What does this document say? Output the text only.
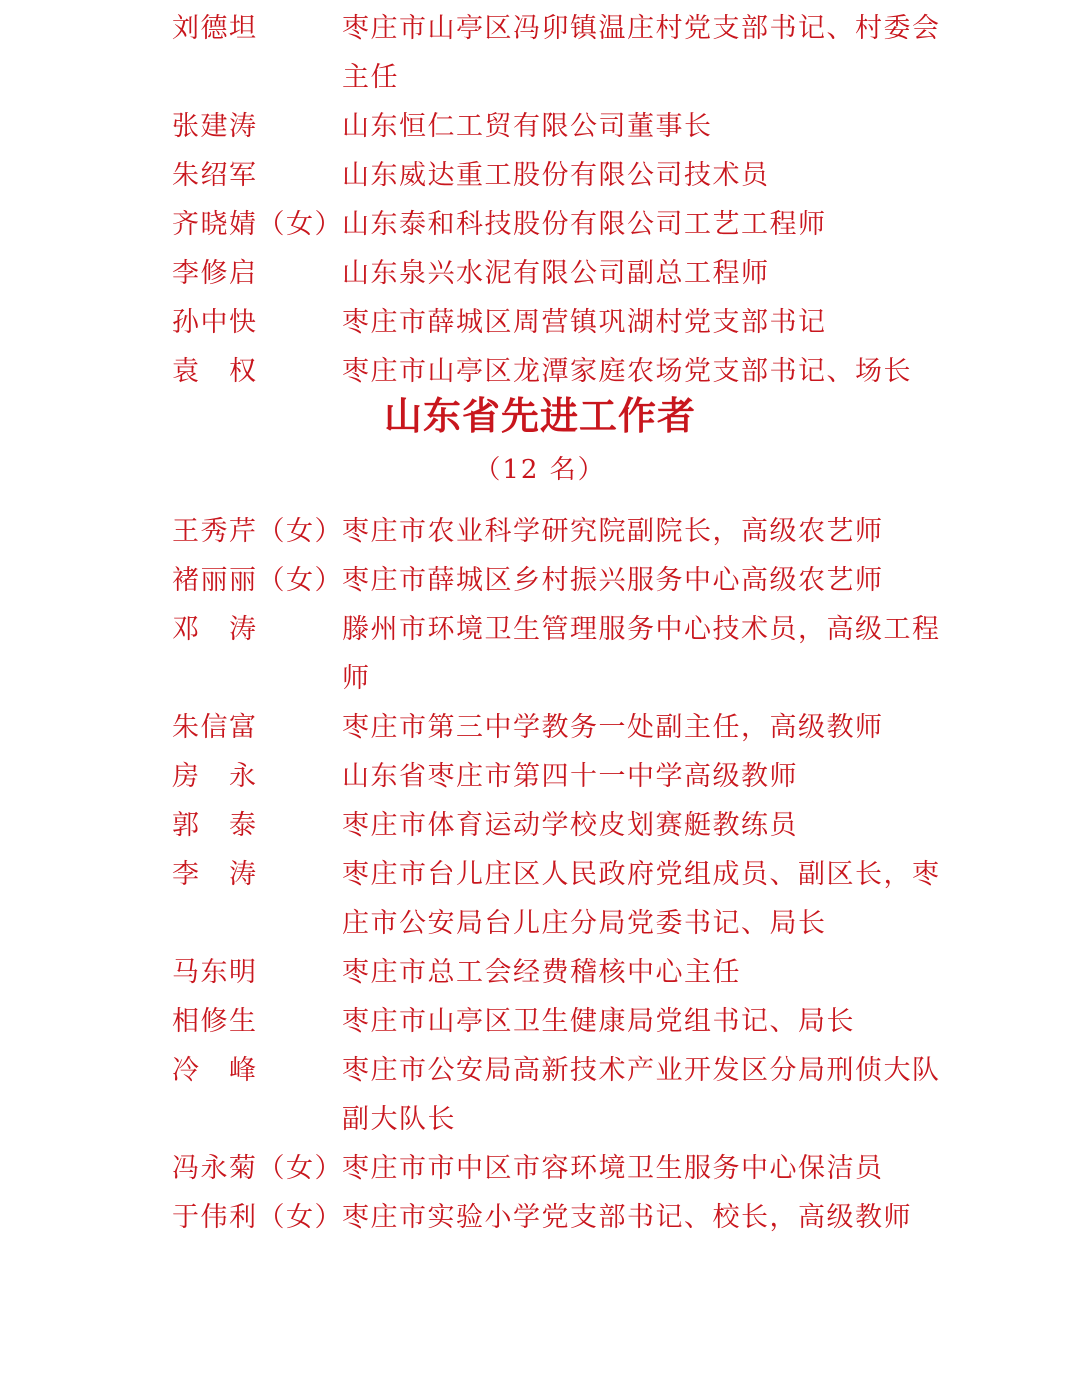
刘德坦	枣庄市山亭区冯卯镇温庄村党支部书记、村委会主任
张建涛	山东恒仁工贸有限公司董事长
朱绍军	山东威达重工股份有限公司技术员
齐晓婧（女） 山东泰和科技股份有限公司工艺工程师
李修启	山东泉兴水泥有限公司副总工程师
孙中快	枣庄市薛城区周营镇巩湖村党支部书记
袁　权	枣庄市山亭区龙潭家庭农场党支部书记、场长
山东省先进工作者
（12 名）
王秀芹（女） 枣庄市农业科学研究院副院长，高级农艺师
褚丽丽（女） 枣庄市薛城区乡村振兴服务中心高级农艺师
邓　涛	滕州市环境卫生管理服务中心技术员，高级工程师
朱信富	枣庄市第三中学教务一处副主任，高级教师
房　永	山东省枣庄市第四十一中学高级教师
郭　泰	枣庄市体育运动学校皮划赛艇教练员
李　涛	枣庄市台儿庄区人民政府党组成员、副区长，枣庄市公安局台儿庄分局党委书记、局长
马东明	枣庄市总工会经费稽核中心主任
相修生	枣庄市山亭区卫生健康局党组书记、局长
冷　峰	枣庄市公安局高新技术产业开发区分局刑侦大队副大队长
冯永菊（女） 枣庄市市中区市容环境卫生服务中心保洁员
于伟利（女） 枣庄市实验小学党支部书记、校长，高级教师
